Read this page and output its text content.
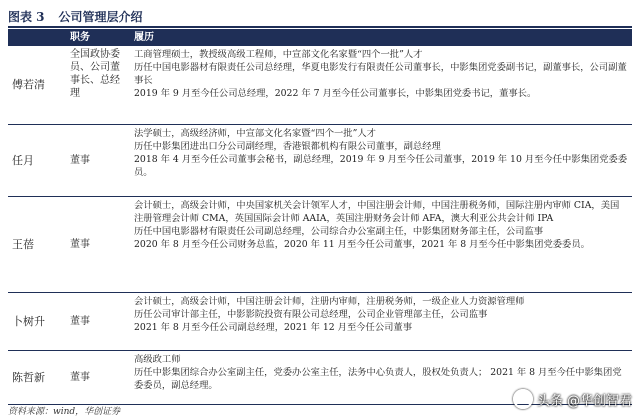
图表 3 公司管理层介绍
	职务	履历
傅若清	全国政协委员、公司董事长、总经理	工商管理硕士，教授级高级工程师，中宣部文化名家暨“四个一批”人才
历任中国电影器材有限责任公司总经理，华夏电影发行有限责任公司董事长，中影集团党委副书记，副董事长，公司副董事长
2019 年 9 月至今任公司总经理，2022 年 7 月至今任公司董事长，中影集团党委书记，董事长。

任月	董事	法学硕士，高级经济师，中宣部文化名家暨“四个一批”人才
历任中影集团进出口分公司副经理，香港银都机构有限公司董事，副总经理
2018 年 4 月至今任公司董事会秘书，副总经理，2019 年 9 月至今任公司董事，2019 年 10 月至今任中影集团党委委员。

王蓓	董事	会计硕士，高级会计师，中央国家机关会计领军人才，中国注册会计师，中国注册税务师，国际注册内审师 CIA，美国注册管理会计师 CMA，英国国际会计师 AAIA，英国注册财务会计师 AFA，澳大利亚公共会计师 IPA
历任中国电影器材有限责任公司副总经理，公司综合办公室副主任，中影集团财务部主任，公司监事
2020 年 8 月至今任公司财务总监，2020 年 11 月至今任公司董事，2021 年 8 月至今任中影集团党委委员。

卜树升	董事	会计硕士，高级会计师，中国注册会计师，注册内审师，注册税务师，一级企业人力资源管理师
历任公司审计部主任，中影影院投资有限公司总经理，公司企业管理部主任，公司监事
2021 年 8 月至今任公司副总经理，2021 年 12 月至今任公司董事

陈哲新	董事	高级政工师
历任中影集团综合办公室副主任，党委办公室主任，法务中心负责人，股权处负责人； 2021 年 8 月至今任中影集团党委委员，副总经理。
资料来源：wind，华创证券
头条 @华创智君
